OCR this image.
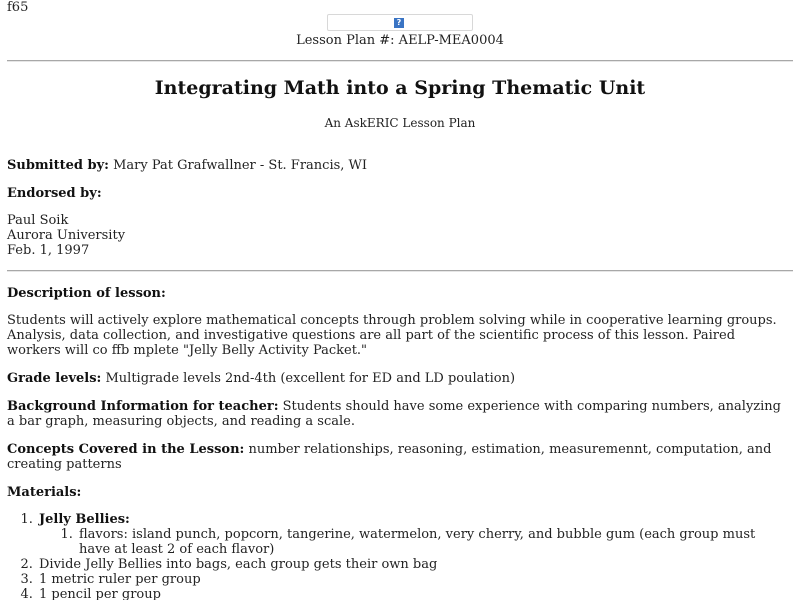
f65
?
Lesson Plan #: AELP-MEA0004
Integrating Math into a Spring Thematic Unit
An AskERIC Lesson Plan
Submitted by: Mary Pat Grafwallner - St. Francis, WI
Endorsed by:
Paul Soik
Aurora University
Feb. 1, 1997
Description of lesson:
Students will actively explore mathematical concepts through problem solving while in cooperative learning groups. Analysis, data collection, and investigative questions are all part of the scientific process of this lesson. Paired workers will co ffb mplete "Jelly Belly Activity Packet."
Grade levels: Multigrade levels 2nd-4th (excellent for ED and LD poulation)
Background Information for teacher: Students should have some experience with comparing numbers, analyzing a bar graph, measuring objects, and reading a scale.
Concepts Covered in the Lesson: number relationships, reasoning, estimation, measuremennt, computation, and creating patterns
Materials:
1. Jelly Bellies:
1. flavors: island punch, popcorn, tangerine, watermelon, very cherry, and bubble gum (each group must have at least 2 of each flavor)
2. Divide Jelly Bellies into bags, each group gets their own bag
3. 1 metric ruler per group
4. 1 pencil per group
